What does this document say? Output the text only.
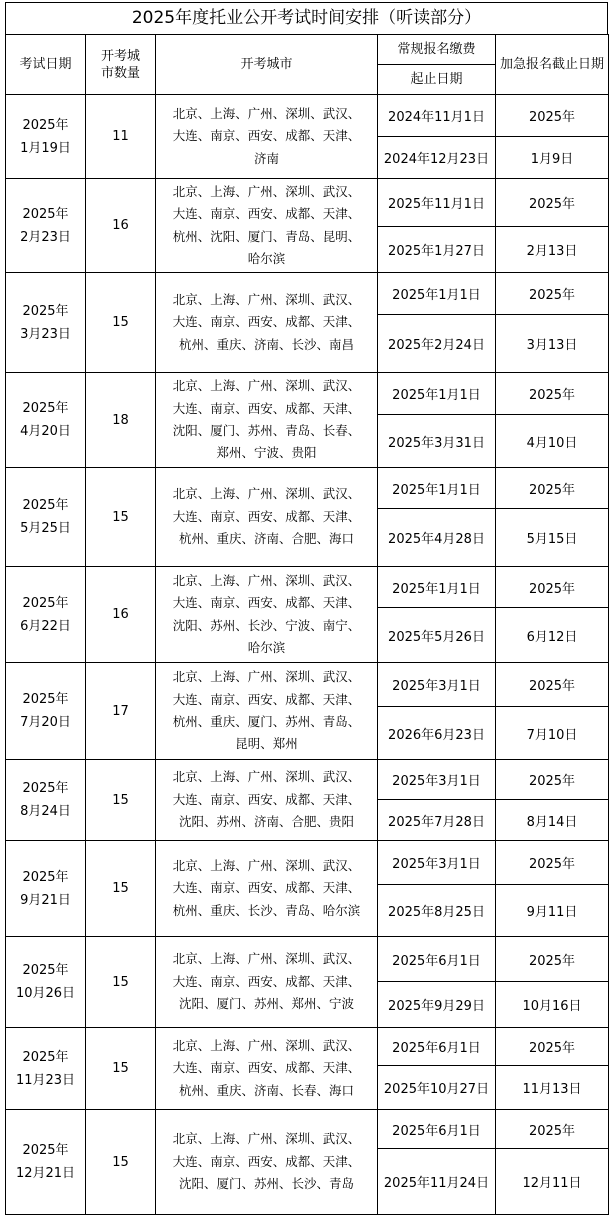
2025年度托业公开考试时间安排（听读部分）
考试日期	开考城市数量	开考城市	常规报名缴费	加急报名截止日期
			起止日期	
2025年
1月19日	11	北京、上海、广州、深圳、武汉、
大连、南京、西安、成都、天津、
济南	2024年11月1日	2025年
			2024年12月23日	1月9日
2025年
2月23日	16	北京、上海、广州、深圳、武汉、
大连、南京、西安、成都、天津、
杭州、沈阳、厦门、青岛、昆明、
哈尔滨	2025年11月1日	2025年
			2025年1月27日	2月13日
2025年
3月23日	15	北京、上海、广州、深圳、武汉、
大连、南京、西安、成都、天津、
杭州、重庆、济南、长沙、南昌	2025年1月1日	2025年
			2025年2月24日	3月13日
2025年
4月20日	18	北京、上海、广州、深圳、武汉、
大连、南京、西安、成都、天津、
沈阳、厦门、苏州、青岛、长春、
郑州、宁波、贵阳	2025年1月1日	2025年
			2025年3月31日	4月10日
2025年
5月25日	15	北京、上海、广州、深圳、武汉、
大连、南京、西安、成都、天津、
杭州、重庆、济南、合肥、海口	2025年1月1日	2025年
			2025年4月28日	5月15日
2025年
6月22日	16	北京、上海、广州、深圳、武汉、
大连、南京、西安、成都、天津、
沈阳、苏州、长沙、宁波、南宁、
哈尔滨	2025年1月1日	2025年
			2025年5月26日	6月12日
2025年
7月20日	17	北京、上海、广州、深圳、武汉、
大连、南京、西安、成都、天津、
杭州、重庆、厦门、苏州、青岛、
昆明、郑州	2025年3月1日	2025年
			2026年6月23日	7月10日
2025年
8月24日	15	北京、上海、广州、深圳、武汉、
大连、南京、西安、成都、天津、
沈阳、苏州、济南、合肥、贵阳	2025年3月1日	2025年
			2025年7月28日	8月14日
2025年
9月21日	15	北京、上海、广州、深圳、武汉、
大连、南京、西安、成都、天津、
杭州、重庆、长沙、青岛、哈尔滨	2025年3月1日	2025年
			2025年8月25日	9月11日
2025年
10月26日	15	北京、上海、广州、深圳、武汉、
大连、南京、西安、成都、天津、
沈阳、厦门、苏州、郑州、宁波	2025年6月1日	2025年
			2025年9月29日	10月16日
2025年
11月23日	15	北京、上海、广州、深圳、武汉、
大连、南京、西安、成都、天津、
杭州、重庆、济南、长春、海口	2025年6月1日	2025年
			2025年10月27日	11月13日
2025年
12月21日	15	北京、上海、广州、深圳、武汉、
大连、南京、西安、成都、天津、
沈阳、厦门、苏州、长沙、青岛	2025年6月1日	2025年
			2025年11月24日	12月11日
